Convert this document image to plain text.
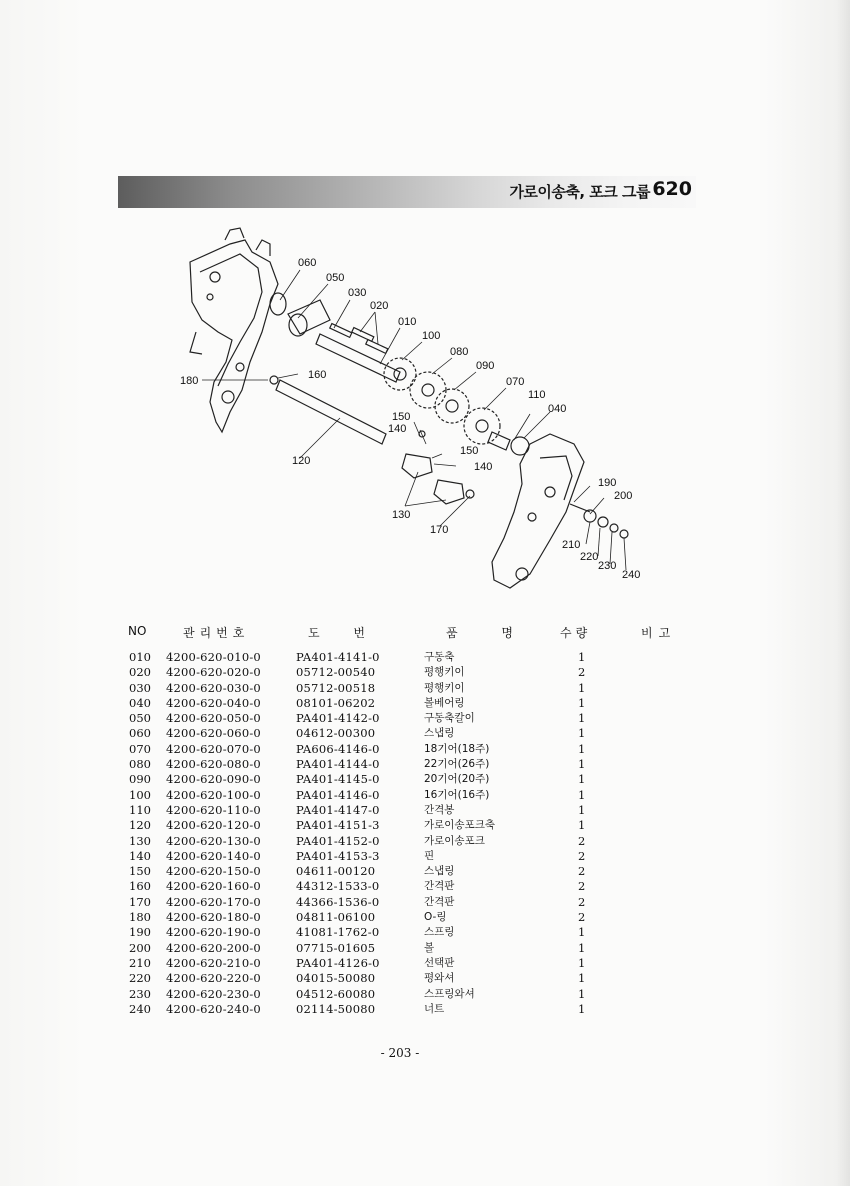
가로이송축, 포크 그룹 620
060
050
030
020
010
100
080
090
070
110
040
180	160
150
140
150
140
120
130
170
190
200
210
220
230
240
NO	관리번호	도 번	품 명	수량	비고
010 4200-620-010-0	PA401-4141-0	구동축	1
020 4200-620-020-0	05712-00540	평행키이	2
030 4200-620-030-0	05712-00518	평행키이	1
040 4200-620-040-0	08101-06202	볼베어링	1
050 4200-620-050-0	PA401-4142-0	구동축칼이	1
060 4200-620-060-0	04612-00300	스냅링	1
070 4200-620-070-0	PA606-4146-0	18기어(18주)	1
080 4200-620-080-0	PA401-4144-0	22기어(26주)	1
090 4200-620-090-0	PA401-4145-0	20기어(20주)	1
100 4200-620-100-0	PA401-4146-0	16기어(16주)	1
110 4200-620-110-0	PA401-4147-0	간격봉	1
120 4200-620-120-0	PA401-4151-3	가로이송포크축	1
130 4200-620-130-0	PA401-4152-0	가로이송포크	2
140 4200-620-140-0	PA401-4153-3	핀	2
150 4200-620-150-0	04611-00120	스냅링	2
160 4200-620-160-0	44312-1533-0	간격판	2
170 4200-620-170-0	44366-1536-0	간격판	2
180 4200-620-180-0	04811-06100	O-링	2
190 4200-620-190-0	41081-1762-0	스프링	1
200 4200-620-200-0	07715-01605	볼	1
210 4200-620-210-0	PA401-4126-0	선택판	1
220 4200-620-220-0	04015-50080	평와셔	1
230 4200-620-230-0	04512-60080	스프링와셔	1
240 4200-620-240-0	02114-50080	너트	1
- 203 -
